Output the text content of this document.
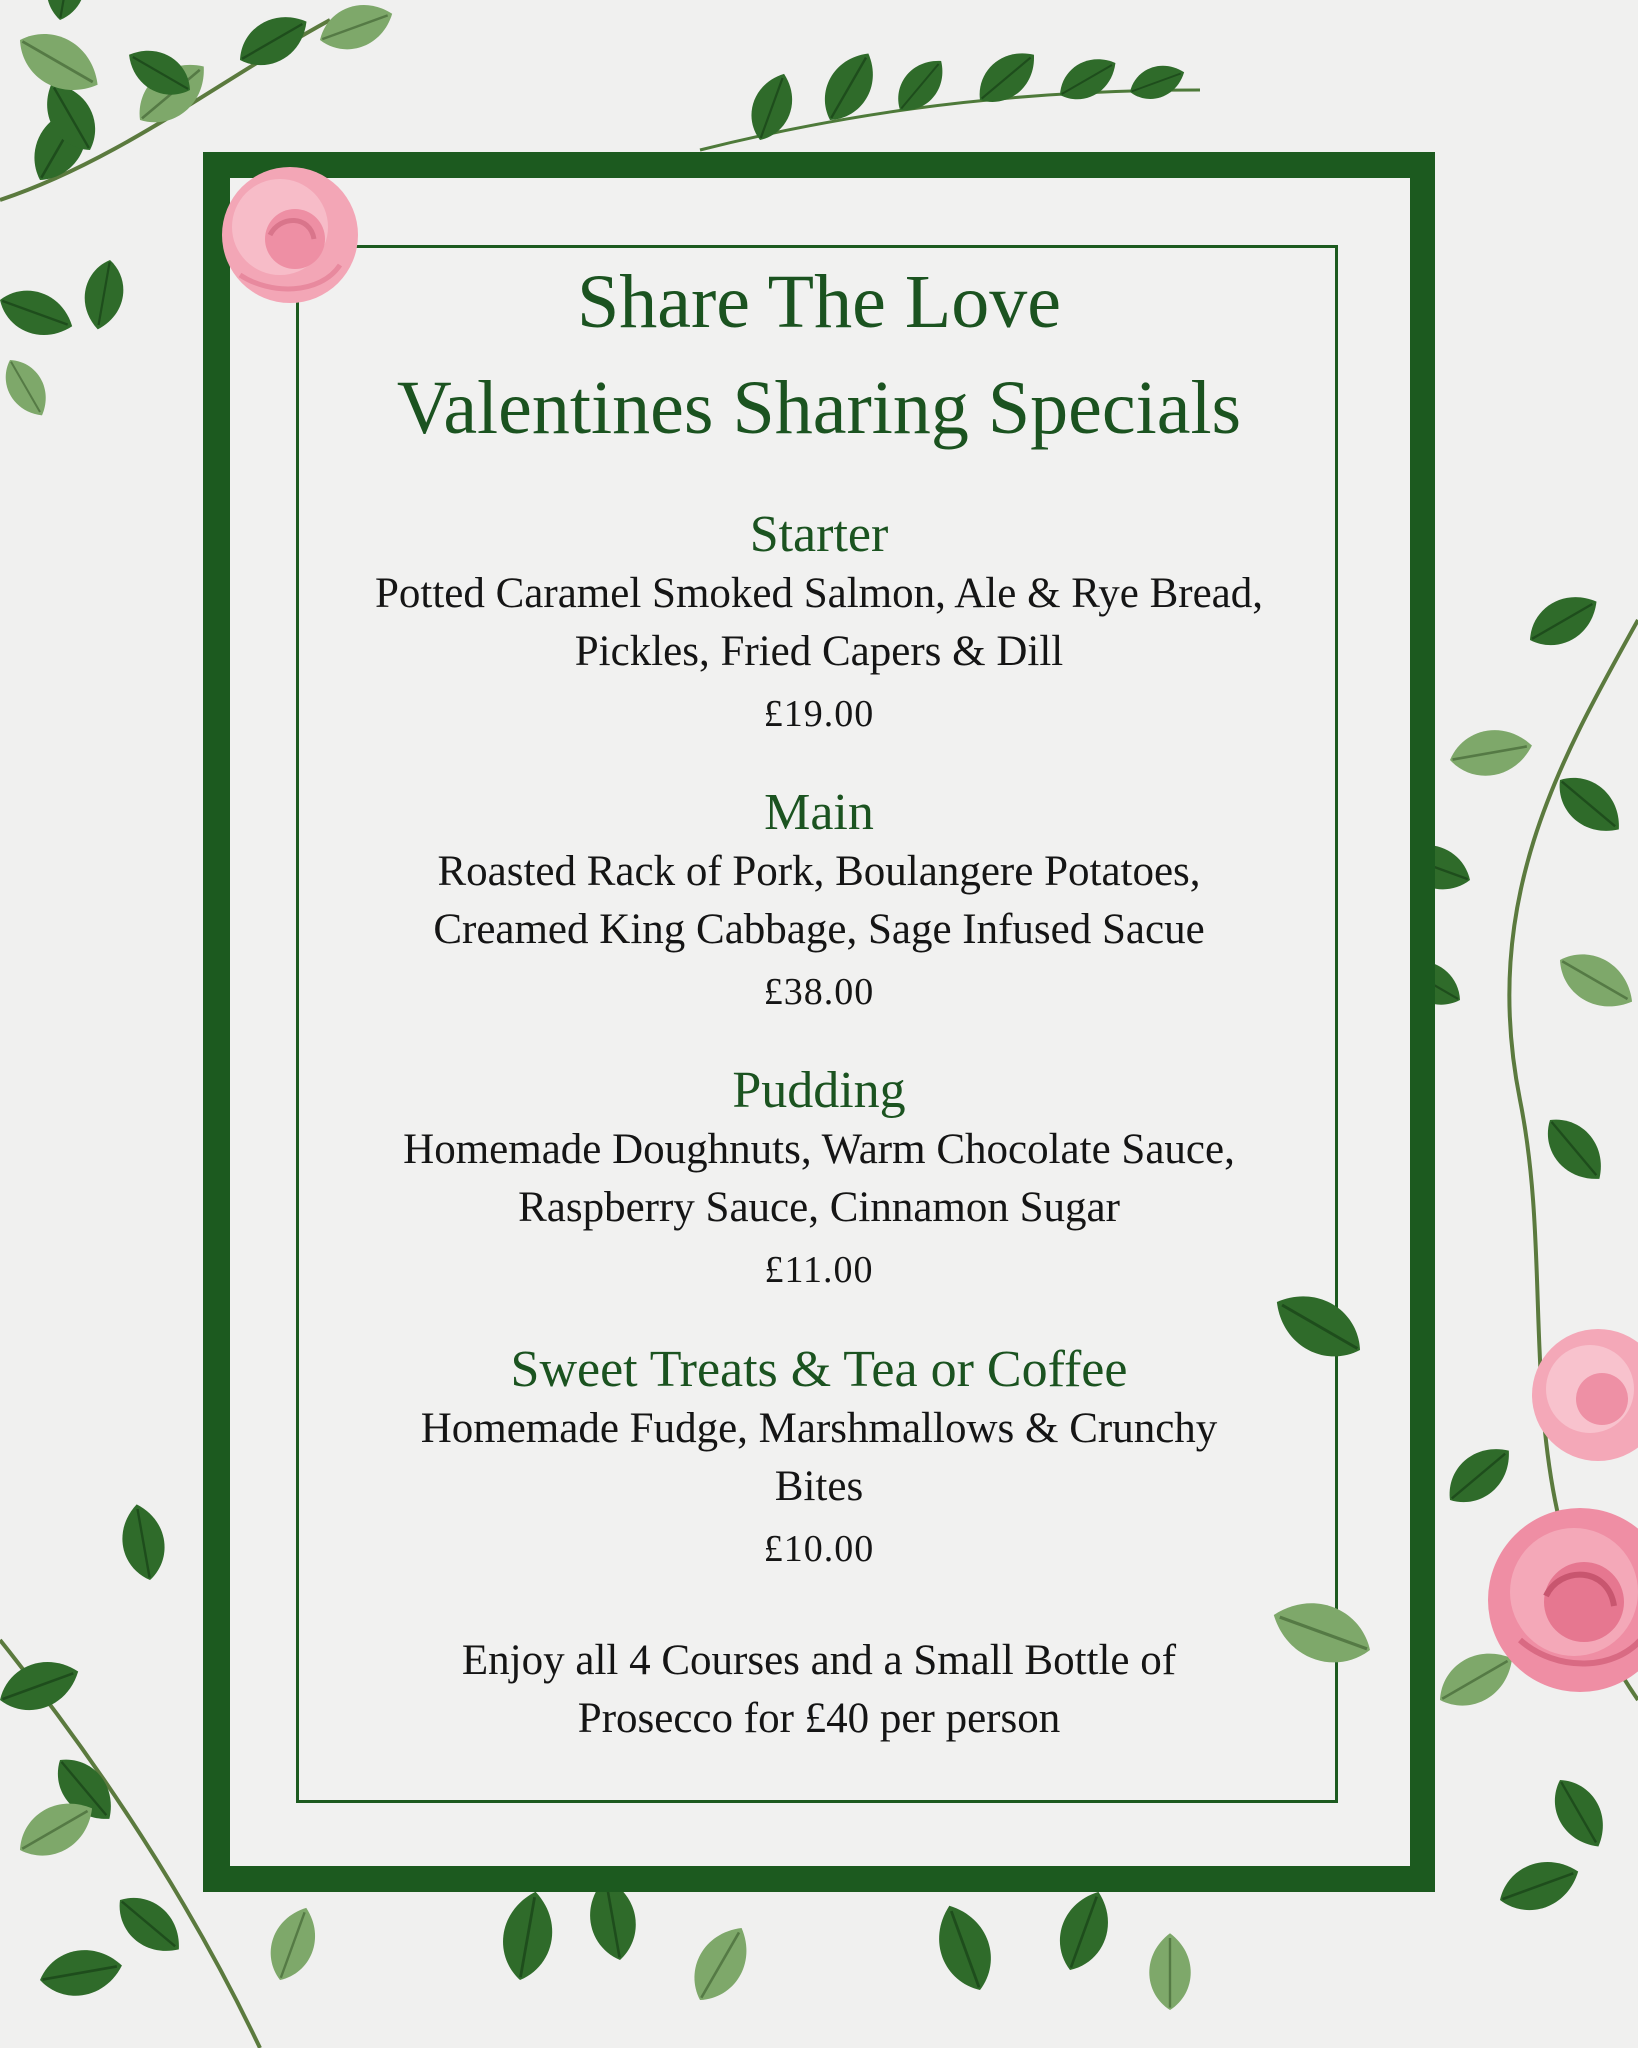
Share The Love
Valentines Sharing Specials
Starter
Potted Caramel Smoked Salmon, Ale & Rye Bread,
Pickles, Fried Capers & Dill
£19.00
Main
Roasted Rack of Pork, Boulangere Potatoes,
Creamed King Cabbage, Sage Infused Sacue
£38.00
Pudding
Homemade Doughnuts, Warm Chocolate Sauce,
Raspberry Sauce, Cinnamon Sugar
£11.00
Sweet Treats & Tea or Coffee
Homemade Fudge, Marshmallows & Crunchy
Bites
£10.00
Enjoy all 4 Courses and a Small Bottle of
Prosecco for £40 per person
